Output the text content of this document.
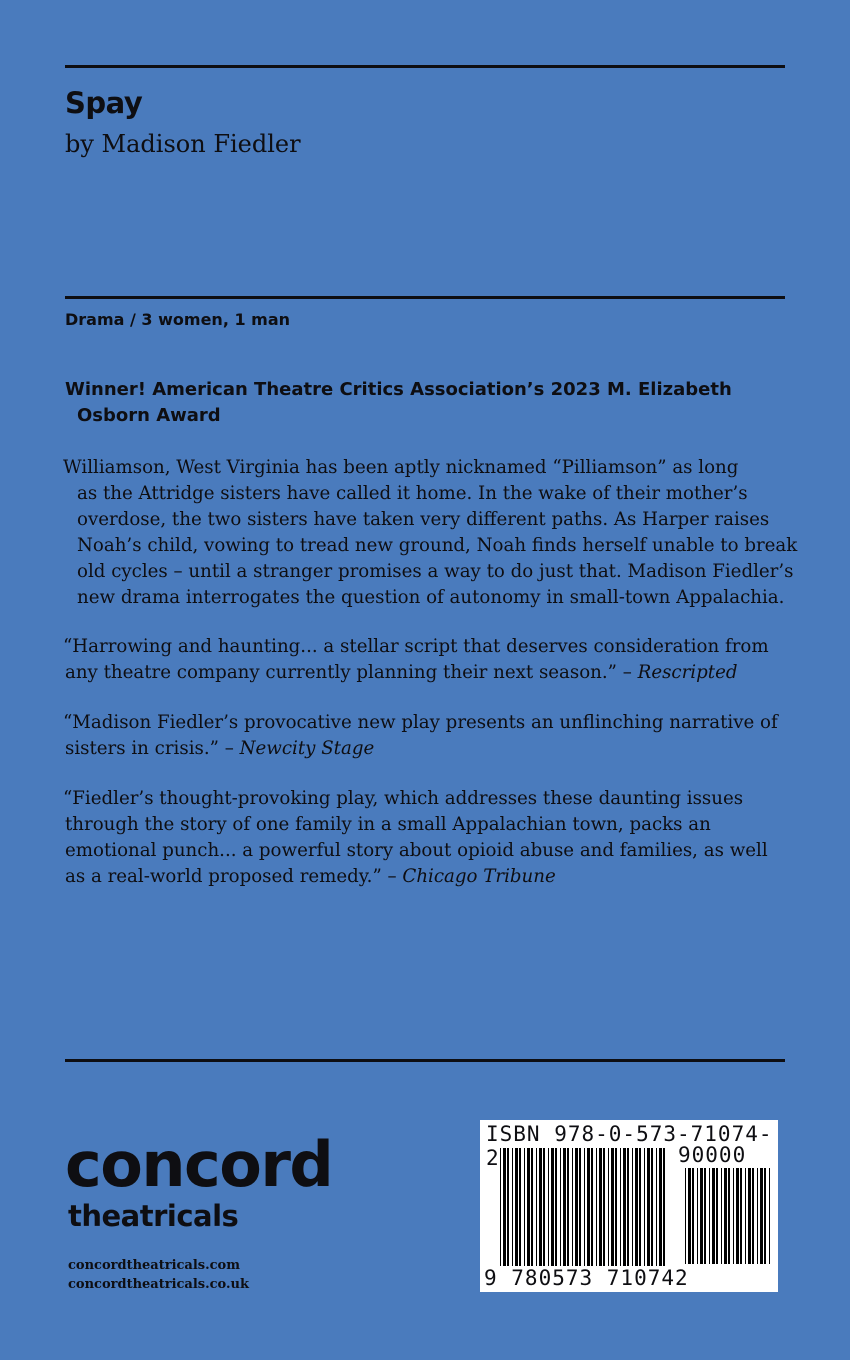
Spay
by Madison Fiedler
Drama / 3 women, 1 man
Winner! American Theatre Critics Association’s 2023 M. Elizabeth
Osborn Award
Williamson, West Virginia has been aptly nicknamed “Pilliamson” as long
as the Attridge sisters have called it home. In the wake of their mother’s
overdose, the two sisters have taken very different paths. As Harper raises
Noah’s child, vowing to tread new ground, Noah finds herself unable to break
old cycles – until a stranger promises a way to do just that. Madison Fiedler’s
new drama interrogates the question of autonomy in small-town Appalachia.
“Harrowing and haunting... a stellar script that deserves consideration from
any theatre company currently planning their next season.” – Rescripted
“Madison Fiedler’s provocative new play presents an unflinching narrative of
sisters in crisis.” – Newcity Stage
“Fiedler’s thought-provoking play, which addresses these daunting issues
through the story of one family in a small Appalachian town, packs an
emotional punch... a powerful story about opioid abuse and families, as well
as a real-world proposed remedy.” – Chicago Tribune
concord
theatricals
concordtheatricals.com
concordtheatricals.co.uk
ISBN 978-0-573-71074-2	90000
9 780573 710742
